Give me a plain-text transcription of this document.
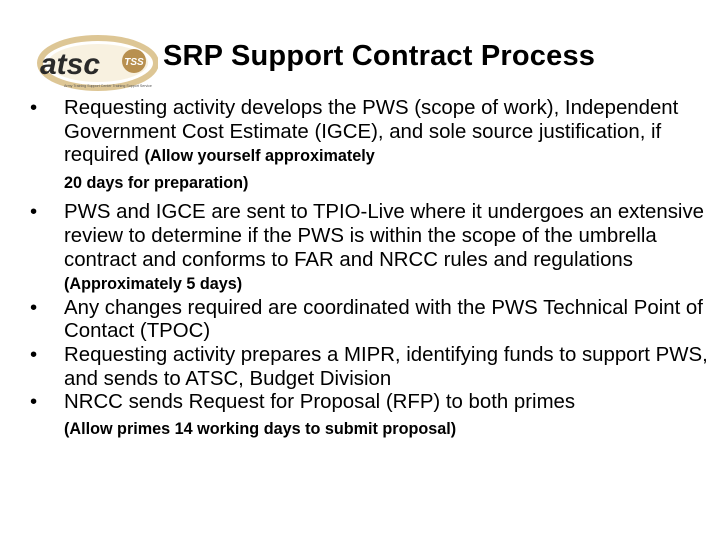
atsc TSS
Army Training Support Center Training Support Service
SRP Support Contract Process
•	Requesting activity develops the PWS (scope of work), Independent Government Cost Estimate (IGCE), and sole source justification, if required (Allow yourself approximately
20 days for preparation)
•	PWS and IGCE are sent to TPIO-Live where it undergoes an extensive review to determine if the PWS is within the scope of the umbrella contract and conforms to FAR and NRCC rules and regulations (Approximately 5 days)
•	Any changes required are coordinated with the PWS Technical Point of Contact (TPOC)
•	Requesting activity prepares a MIPR, identifying funds to support PWS, and sends to ATSC, Budget Division
•	NRCC sends Request for Proposal (RFP) to both primes
(Allow primes 14 working days to submit proposal)
